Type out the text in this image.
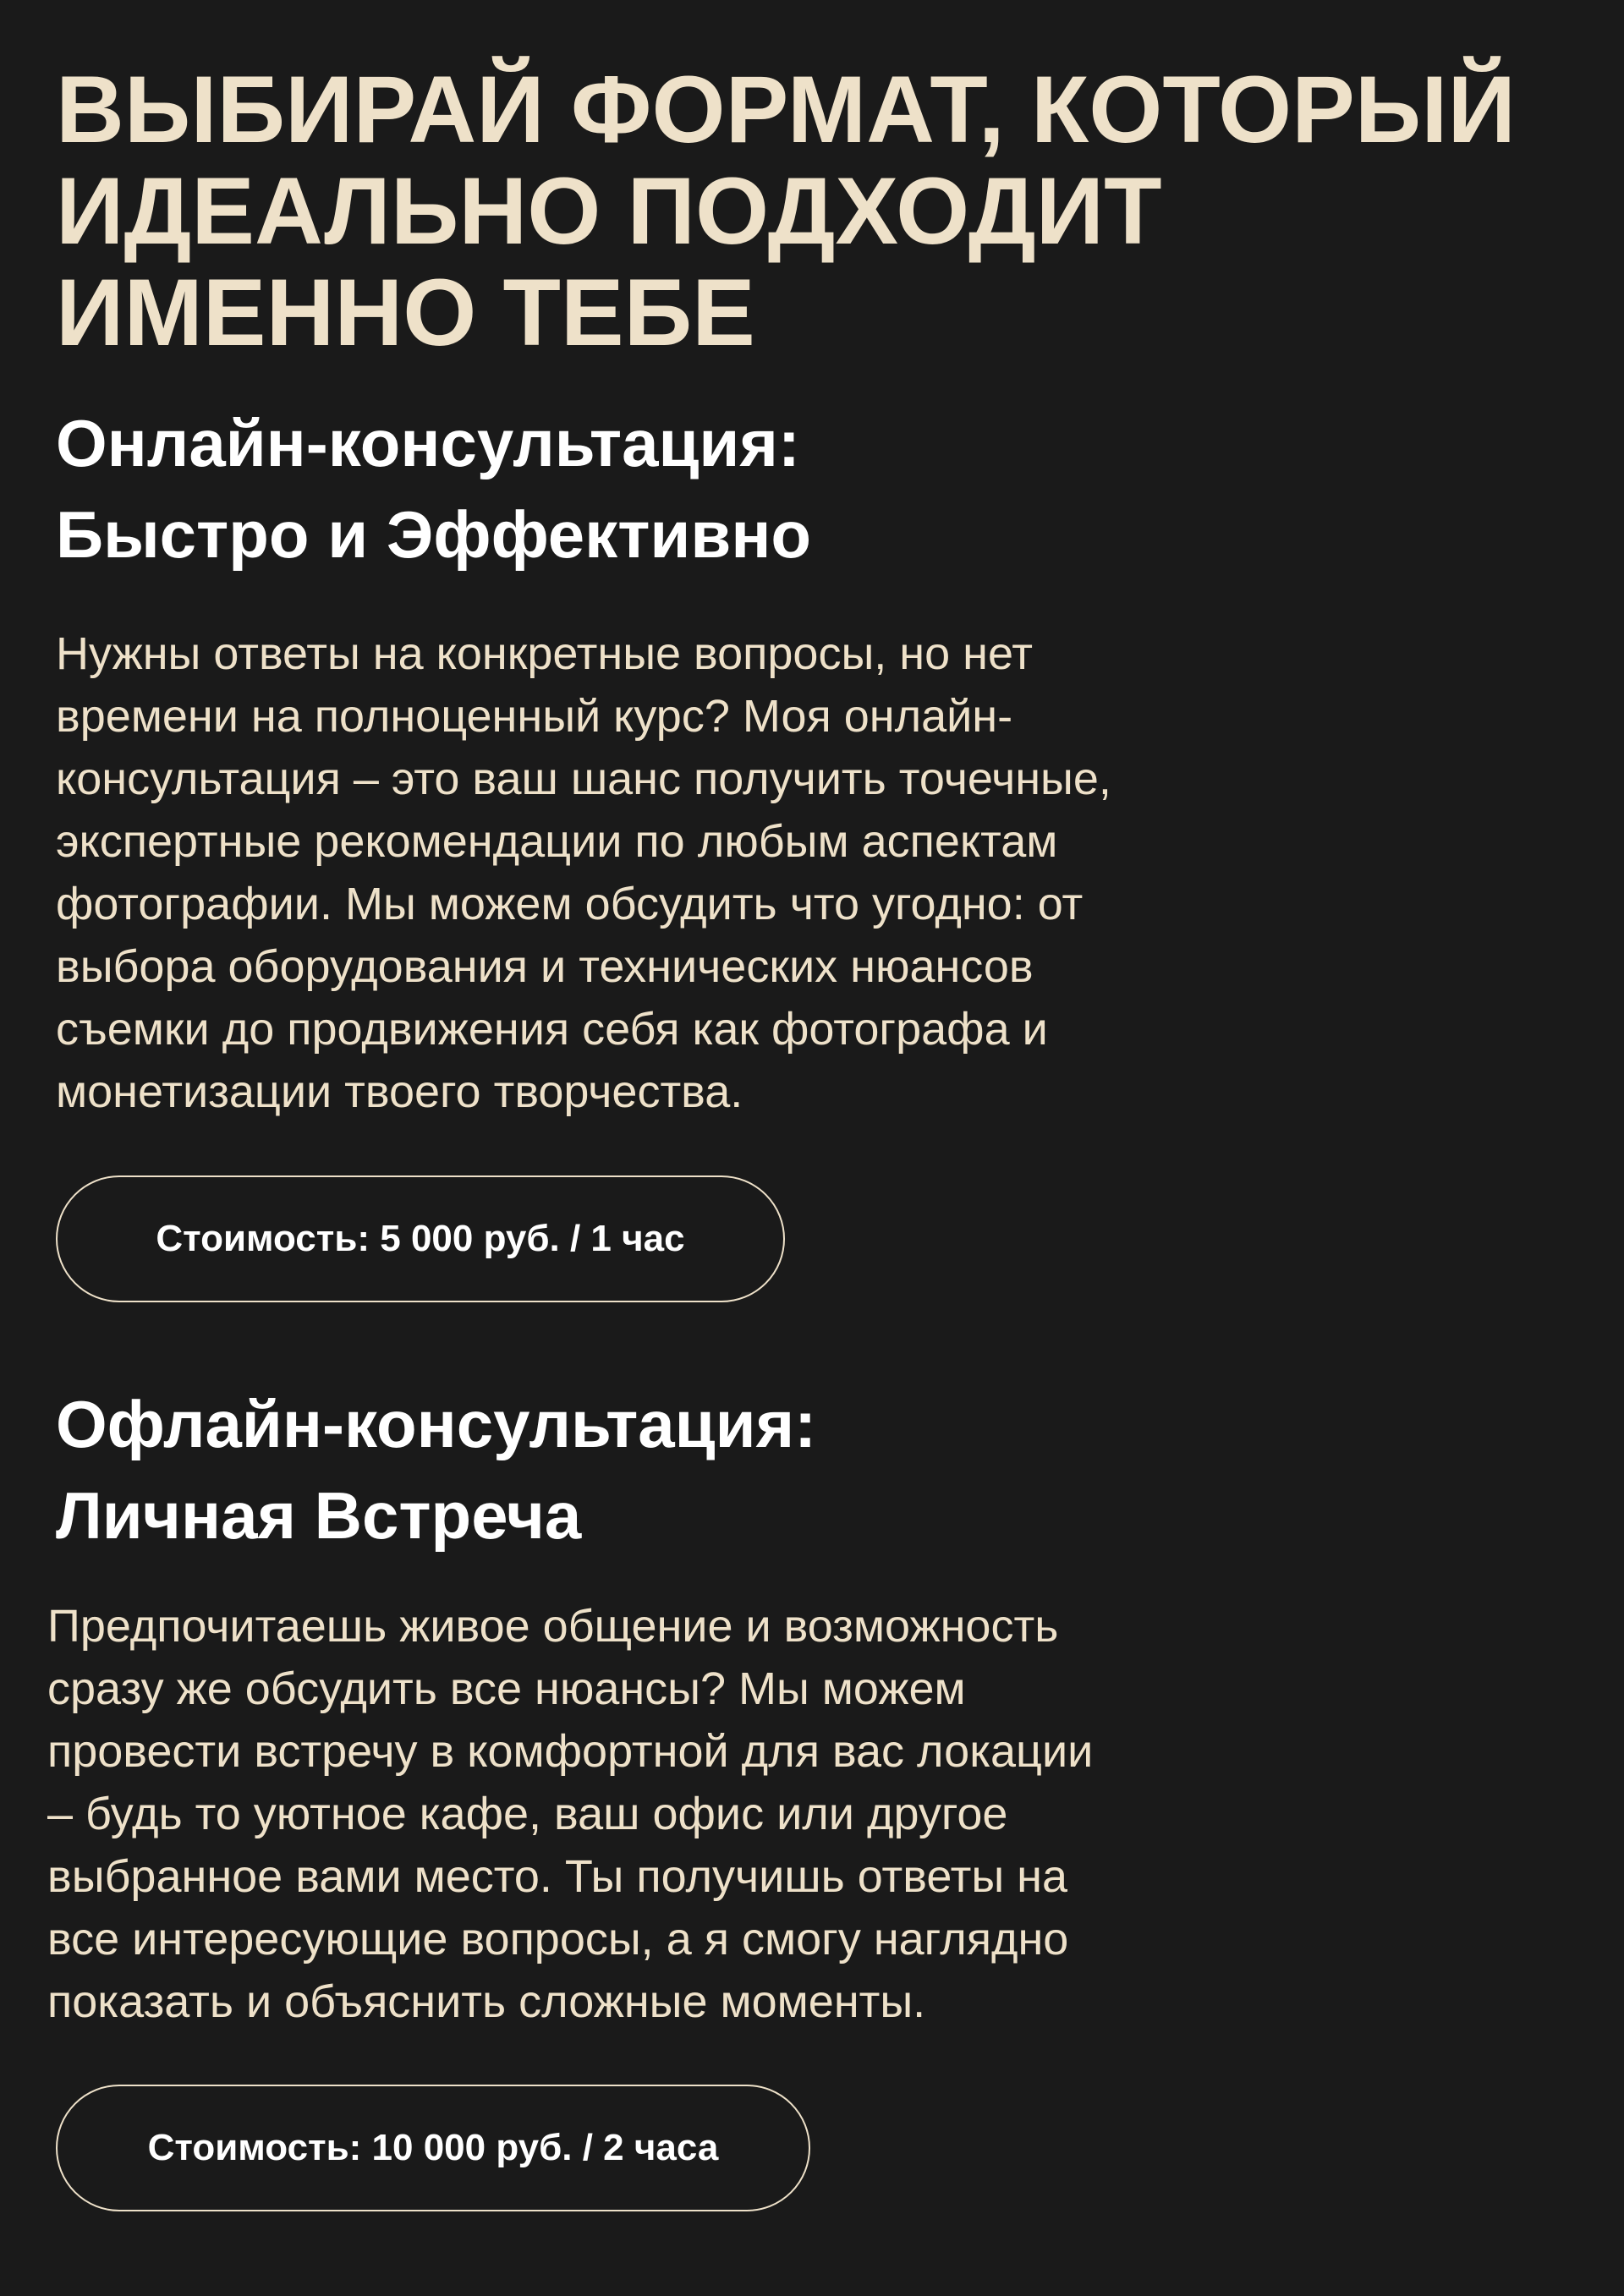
ВЫБИРАЙ ФОРМАТ, КОТОРЫЙ ИДЕАЛЬНО ПОДХОДИТ ИМЕННО ТЕБЕ
Онлайн-консультация:
Быстро и Эффективно

Нужны ответы на конкретные вопросы, но нет
времени на полноценный курс? Моя онлайн-
консультация – это ваш шанс получить точечные,
экспертные рекомендации по любым аспектам
фотографии. Мы можем обсудить что угодно: от
выбора оборудования и технических нюансов
съемки до продвижения себя как фотографа и
монетизации твоего творчества.

Стоимость: 5 000 руб. / 1 час
Офлайн-консультация:
Личная Встреча

Предпочитаешь живое общение и возможность
сразу же обсудить все нюансы? Мы можем
провести встречу в комфортной для вас локации
– будь то уютное кафе, ваш офис или другое
выбранное вами место. Ты получишь ответы на
все интересующие вопросы, а я смогу наглядно
показать и объяснить сложные моменты.

Стоимость: 10 000 руб. / 2 часа
